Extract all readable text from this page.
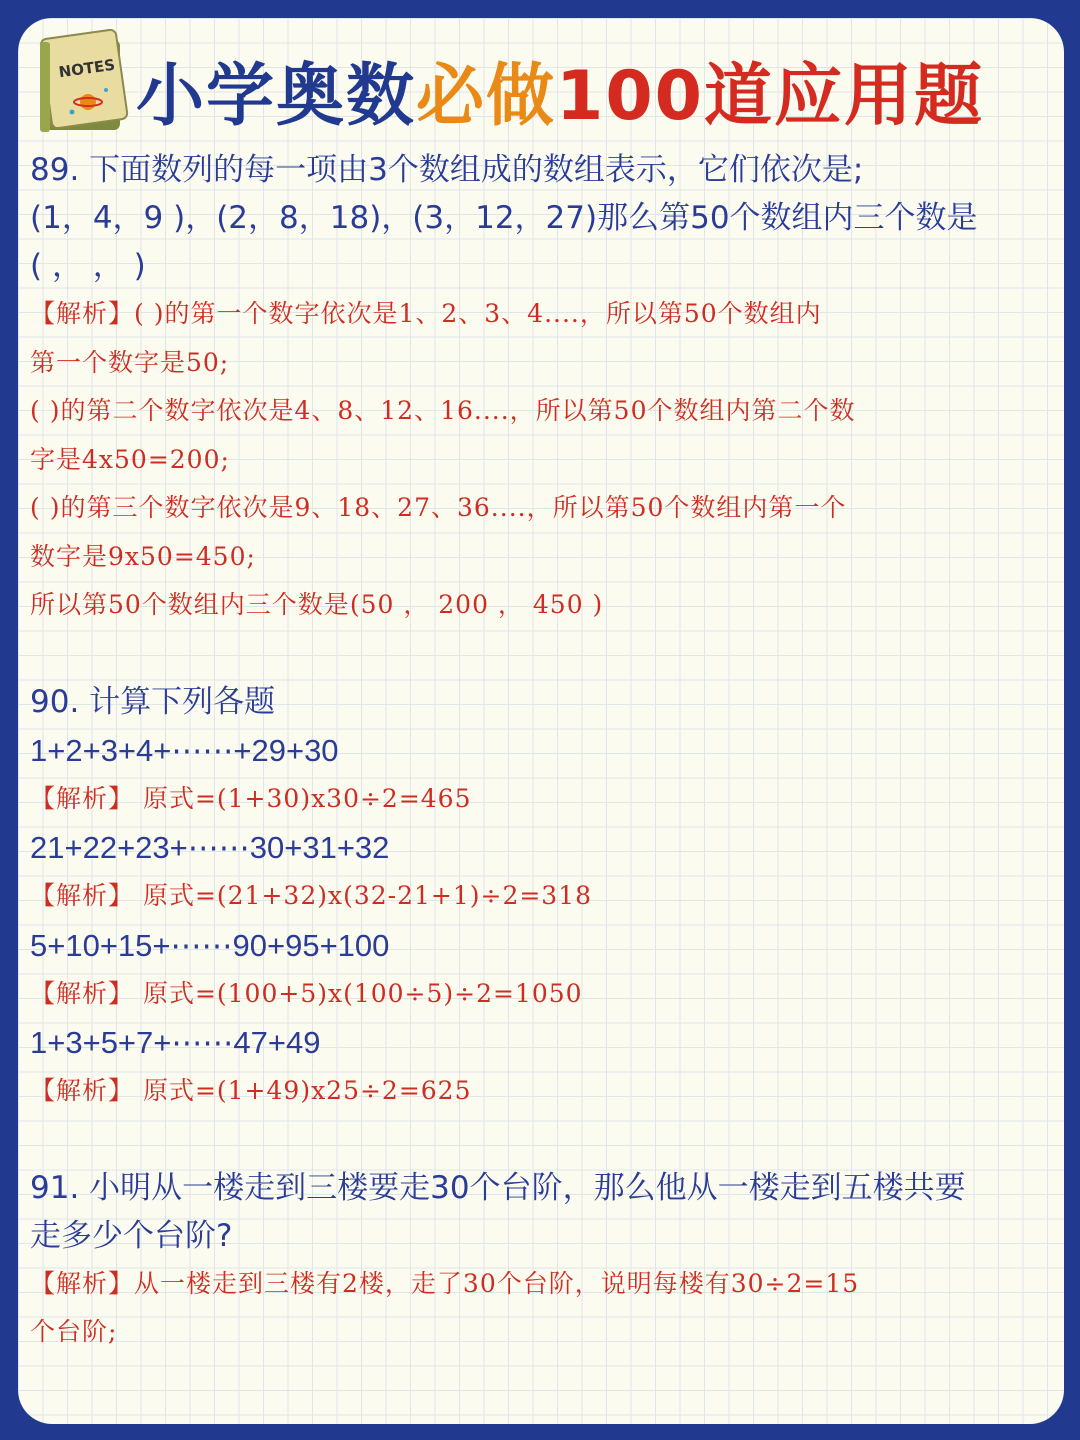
NOTES 小学奥数必做100道应用题

89. 下面数列的每一项由3个数组成的数组表示，它们依次是;

(1，4，9 )，(2，8，18)，(3，12，27)那么第50个数组内三个数是

( ， ， )

【解析】( )的第一个数字依次是1、2、3、4....，所以第50个数组内

第一个数字是50;

( )的第二个数字依次是4、8、12、16....，所以第50个数组内第二个数

字是4x50=200;

( )的第三个数字依次是9、18、27、36....，所以第50个数组内第一个

数字是9x50=450;

所以第50个数组内三个数是(50 ， 200 ， 450 )

90. 计算下列各题

1+2+3+4+⋯⋯+29+30

【解析】 原式=(1+30)x30÷2=465

21+22+23+⋯⋯30+31+32

【解析】 原式=(21+32)x(32-21+1)÷2=318

5+10+15+⋯⋯90+95+100

【解析】 原式=(100+5)x(100÷5)÷2=1050

1+3+5+7+⋯⋯47+49

【解析】 原式=(1+49)x25÷2=625

91. 小明从一楼走到三楼要走30个台阶，那么他从一楼走到五楼共要

走多少个台阶?

【解析】从一楼走到三楼有2楼，走了30个台阶，说明每楼有30÷2=15

个台阶;
